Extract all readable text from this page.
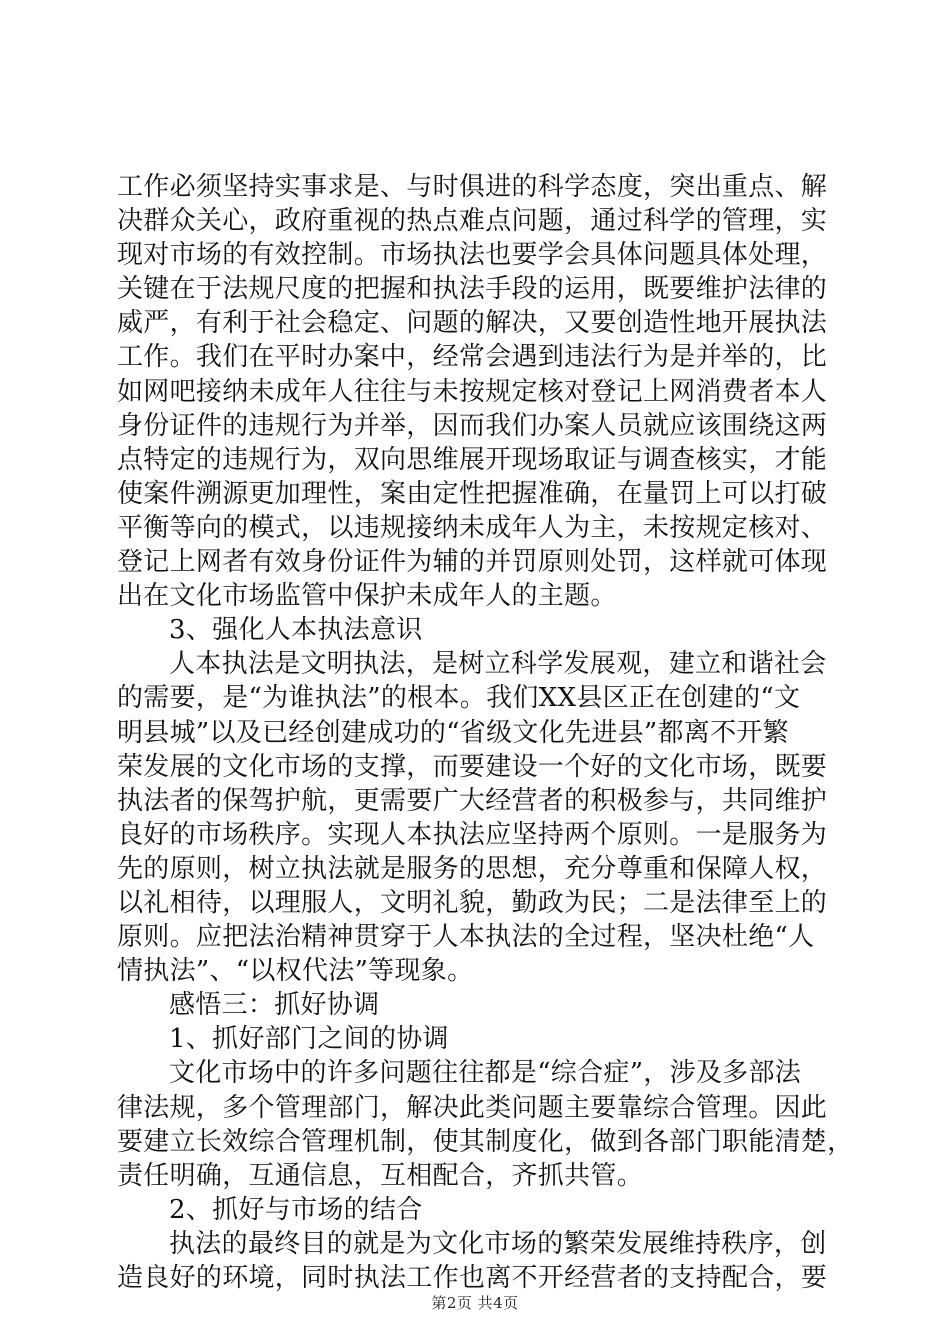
工作必须坚持实事求是、与时俱进的科学态度，突出重点、解
决群众关心，政府重视的热点难点问题，通过科学的管理，实
现对市场的有效控制。市场执法也要学会具体问题具体处理，
关键在于法规尺度的把握和执法手段的运用，既要维护法律的
威严，有利于社会稳定、问题的解决，又要创造性地开展执法
工作。我们在平时办案中，经常会遇到违法行为是并举的，比
如网吧接纳未成年人往往与未按规定核对登记上网消费者本人
身份证件的违规行为并举，因而我们办案人员就应该围绕这两
点特定的违规行为，双向思维展开现场取证与调查核实，才能
使案件溯源更加理性，案由定性把握准确，在量罚上可以打破
平衡等向的模式，以违规接纳未成年人为主，未按规定核对、
登记上网者有效身份证件为辅的并罚原则处罚，这样就可体现
出在文化市场监管中保护未成年人的主题。
3、强化人本执法意识
人本执法是文明执法，是树立科学发展观，建立和谐社会
的需要，是“为谁执法”的根本。我们XX县区正在创建的“文
明县城”以及已经创建成功的“省级文化先进县”都离不开繁
荣发展的文化市场的支撑，而要建设一个好的文化市场，既要
执法者的保驾护航，更需要广大经营者的积极参与，共同维护
良好的市场秩序。实现人本执法应坚持两个原则。一是服务为
先的原则，树立执法就是服务的思想，充分尊重和保障人权，
以礼相待，以理服人，文明礼貌，勤政为民；二是法律至上的
原则。应把法治精神贯穿于人本执法的全过程，坚决杜绝“人
情执法”、“以权代法”等现象。
感悟三：抓好协调
1、抓好部门之间的协调
文化市场中的许多问题往往都是“综合症”，涉及多部法
律法规，多个管理部门，解决此类问题主要靠综合管理。因此
要建立长效综合管理机制，使其制度化，做到各部门职能清楚，
责任明确，互通信息，互相配合，齐抓共管。
2、抓好与市场的结合
执法的最终目的就是为文化市场的繁荣发展维持秩序，创
造良好的环境，同时执法工作也离不开经营者的支持配合，要
第2页 共4页
